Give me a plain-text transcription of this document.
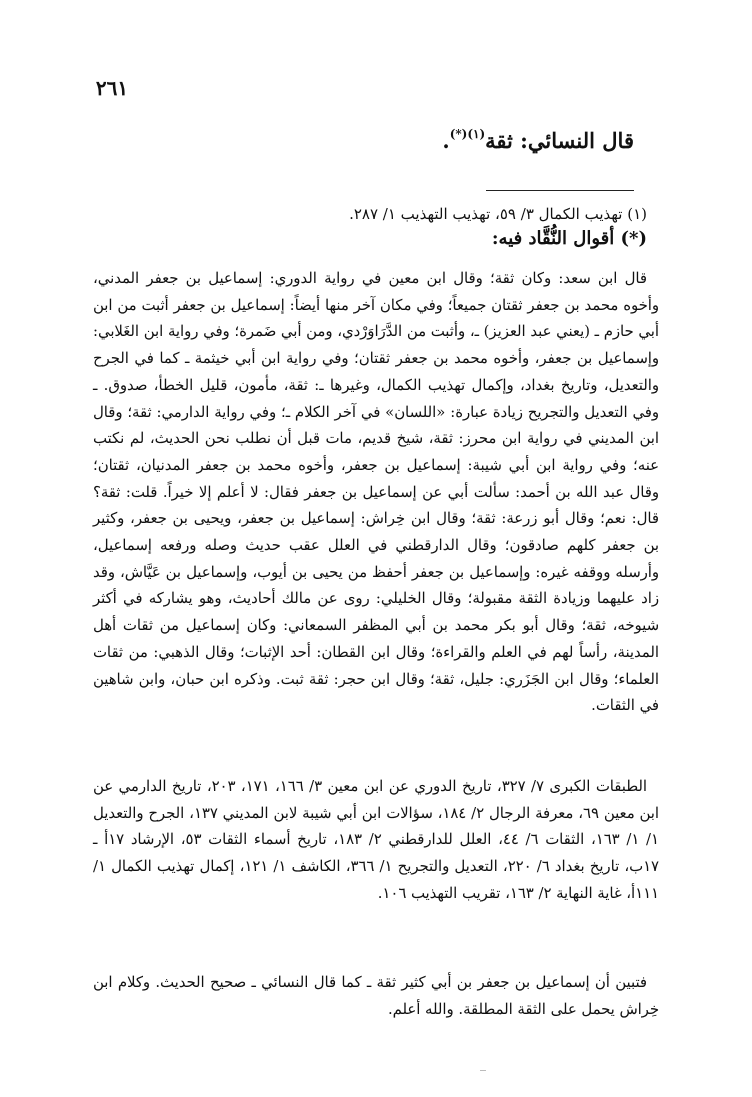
٢٦١
قال النسائي: ثقة$^{(١)(*)}$.
(١) تهذيب الكمال ٣/ ٥٩، تهذيب التهذيب ١/ ٢٨٧.
(*) أقوال النُّقَّاد فيه:

قال ابن سعد: وكان ثقة؛ وقال ابن معين في رواية الدوري: إسماعيل بن جعفر المدني، وأخوه محمد بن جعفر ثقتان جميعاً؛ وفي مكان آخر منها أيضاً: إسماعيل بن جعفر أثبت من ابن أبي حازم ـ (يعني عبد العزيز) ـ، وأثبت من الدَّرَاوَرْدي، ومن أبي ضَمرة؛ وفي رواية ابن الغَلابي: وإسماعيل بن جعفر، وأخوه محمد بن جعفر ثقتان؛ وفي رواية ابن أبي خيثمة ـ كما في الجرح والتعديل، وتاريخ بغداد، وإكمال تهذيب الكمال، وغيرها ـ: ثقة، مأمون، قليل الخطأ، صدوق. ـ وفي التعديل والتجريح زيادة عبارة: «اللسان» في آخر الكلام ـ؛ وفي رواية الدارمي: ثقة؛ وقال ابن المديني في رواية ابن محرز: ثقة، شيخ قديم، مات قبل أن نطلب نحن الحديث، لم نكتب عنه؛ وفي رواية ابن أبي شيبة: إسماعيل بن جعفر، وأخوه محمد بن جعفر المدنيان، ثقتان؛ وقال عبد الله بن أحمد: سألت أبي عن إسماعيل بن جعفر فقال: لا أعلم إلا خيراً. قلت: ثقة؟ قال: نعم؛ وقال أبو زرعة: ثقة؛ وقال ابن خِراش: إسماعيل بن جعفر، ويحيى بن جعفر، وكثير بن جعفر كلهم صادقون؛ وقال الدارقطني في العلل عقب حديث وصله ورفعه إسماعيل، وأرسله ووقفه غيره: وإسماعيل بن جعفر أحفظ من يحيى بن أيوب، وإسماعيل بن عَيَّاش، وقد زاد عليهما وزيادة الثقة مقبولة؛ وقال الخليلي: روى عن مالك أحاديث، وهو يشاركه في أكثر شيوخه، ثقة؛ وقال أبو بكر محمد بن أبي المظفر السمعاني: وكان إسماعيل من ثقات أهل المدينة، رأساً لهم في العلم والقراءة؛ وقال ابن القطان: أحد الإثبات؛ وقال الذهبي: من ثقات العلماء؛ وقال ابن الجَزَري: جليل، ثقة؛ وقال ابن حجر: ثقة ثبت. وذكره ابن حبان، وابن شاهين في الثقات.

الطبقات الكبرى ٧/ ٣٢٧، تاريخ الدوري عن ابن معين ٣/ ١٦٦، ١٧١، ٢٠٣، تاريخ الدارمي عن ابن معين ٦٩، معرفة الرجال ٢/ ١٨٤، سؤالات ابن أبي شيبة لابن المديني ١٣٧، الجرح والتعديل ١/ ١/ ١٦٣، الثقات ٦/ ٤٤، العلل للدارقطني ٢/ ١٨٣، تاريخ أسماء الثقات ٥٣، الإرشاد ١٧أ ـ ١٧ب، تاريخ بغداد ٦/ ٢٢٠، التعديل والتجريح ١/ ٣٦٦، الكاشف ١/ ١٢١، إكمال تهذيب الكمال ١/ ١١١أ، غاية النهاية ٢/ ١٦٣، تقريب التهذيب ١٠٦.

فتبين أن إسماعيل بن جعفر بن أبي كثير ثقة ـ كما قال النسائي ـ صحيح الحديث. وكلام ابن خِراش يحمل على الثقة المطلقة. والله أعلم.
